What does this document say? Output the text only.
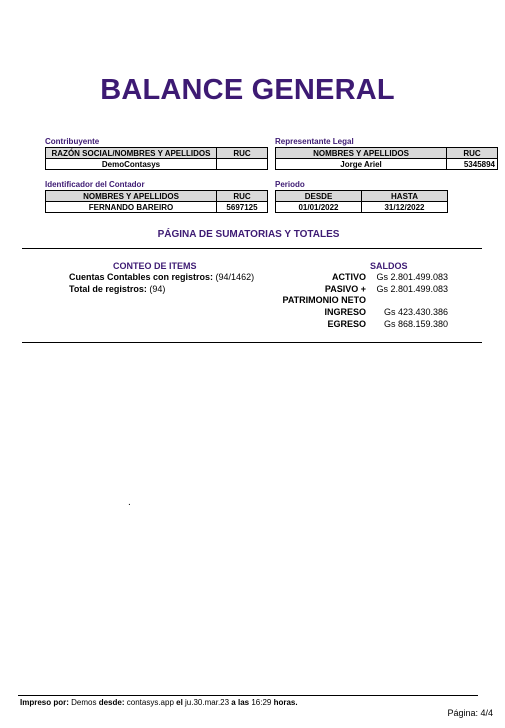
BALANCE GENERAL
Contribuyente
RAZÓN SOCIAL/NOMBRES Y APELLIDOS	RUC
DemoContasys	
Representante Legal
NOMBRES Y APELLIDOS	RUC
Jorge Ariel	5345894
Identificador del Contador
NOMBRES Y APELLIDOS	RUC
FERNANDO BAREIRO	5697125
Periodo
DESDE	HASTA
01/01/2022	31/12/2022
PÁGINA DE SUMATORIAS Y TOTALES
CONTEO DE ITEMS
Cuentas Contables con registros: (94/1462)
Total de registros: (94)
SALDOS
ACTIVO Gs 2.801.499.083
PASIVO + Gs 2.801.499.083
PATRIMONIO NETO
INGRESO Gs 423.430.386
EGRESO Gs 868.159.380
.
Impreso por: Demos desde: contasys.app el ju.30.mar.23 a las 16:29 horas.
Página: 4/4
